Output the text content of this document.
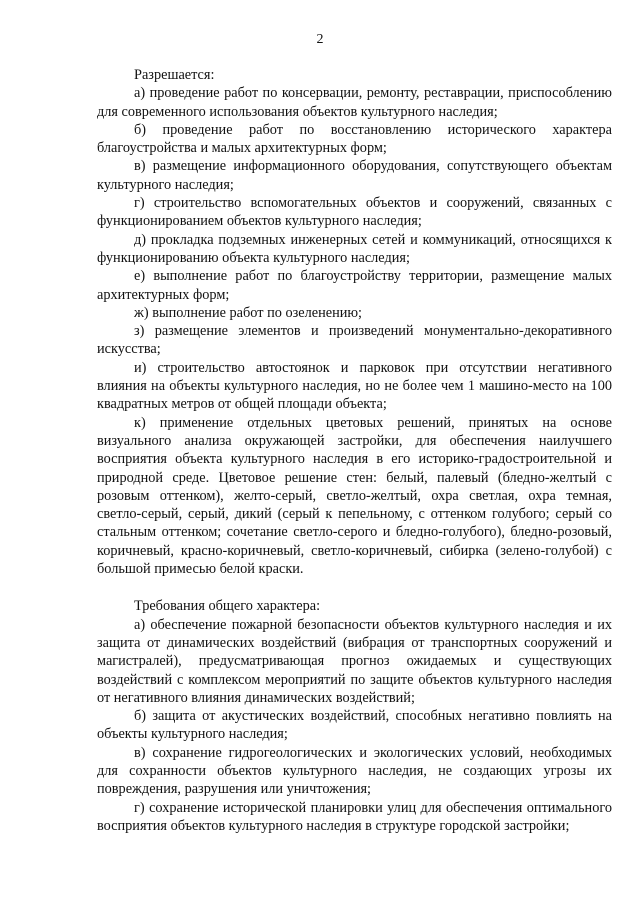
2

Разрешается:

а) проведение работ по консервации, ремонту, реставрации, приспособлению для современного использования объектов культурного наследия;

б) проведение работ по восстановлению исторического характера благоустройства и малых архитектурных форм;

в) размещение информационного оборудования, сопутствующего объектам культурного наследия;

г) строительство вспомогательных объектов и сооружений, связанных с функционированием объектов культурного наследия;

д) прокладка подземных инженерных сетей и коммуникаций, относящихся к функционированию объекта культурного наследия;

е) выполнение работ по благоустройству территории, размещение малых архитектурных форм;

ж) выполнение работ по озеленению;

з) размещение элементов и произведений монументально-декоративного искусства;

и) строительство автостоянок и парковок при отсутствии негативного влияния на объекты культурного наследия, но не более чем 1 машино-место на 100 квадратных метров от общей площади объекта;

к) применение отдельных цветовых решений, принятых на основе визуального анализа окружающей застройки, для обеспечения наилучшего восприятия объекта культурного наследия в его историко-градостроительной и природной среде. Цветовое решение стен: белый, палевый (бледно-желтый с розовым оттенком), желто-серый, светло-желтый, охра светлая, охра темная, светло-серый, серый, дикий (серый к пепельному, с оттенком голубого; серый со стальным оттенком; сочетание светло-серого и бледно-голубого), бледно-розовый, коричневый, красно-коричневый, светло-коричневый, сибирка (зелено-голубой) с большой примесью белой краски.

Требования общего характера:

а) обеспечение пожарной безопасности объектов культурного наследия и их защита от динамических воздействий (вибрация от транспортных сооружений и магистралей), предусматривающая прогноз ожидаемых и существующих воздействий с комплексом мероприятий по защите объектов культурного наследия от негативного влияния динамических воздействий;

б) защита от акустических воздействий, способных негативно повлиять на объекты культурного наследия;

в) сохранение гидрогеологических и экологических условий, необходимых для сохранности объектов культурного наследия, не создающих угрозы их повреждения, разрушения или уничтожения;

г) сохранение исторической планировки улиц для обеспечения оптимального восприятия объектов культурного наследия в структуре городской застройки;
